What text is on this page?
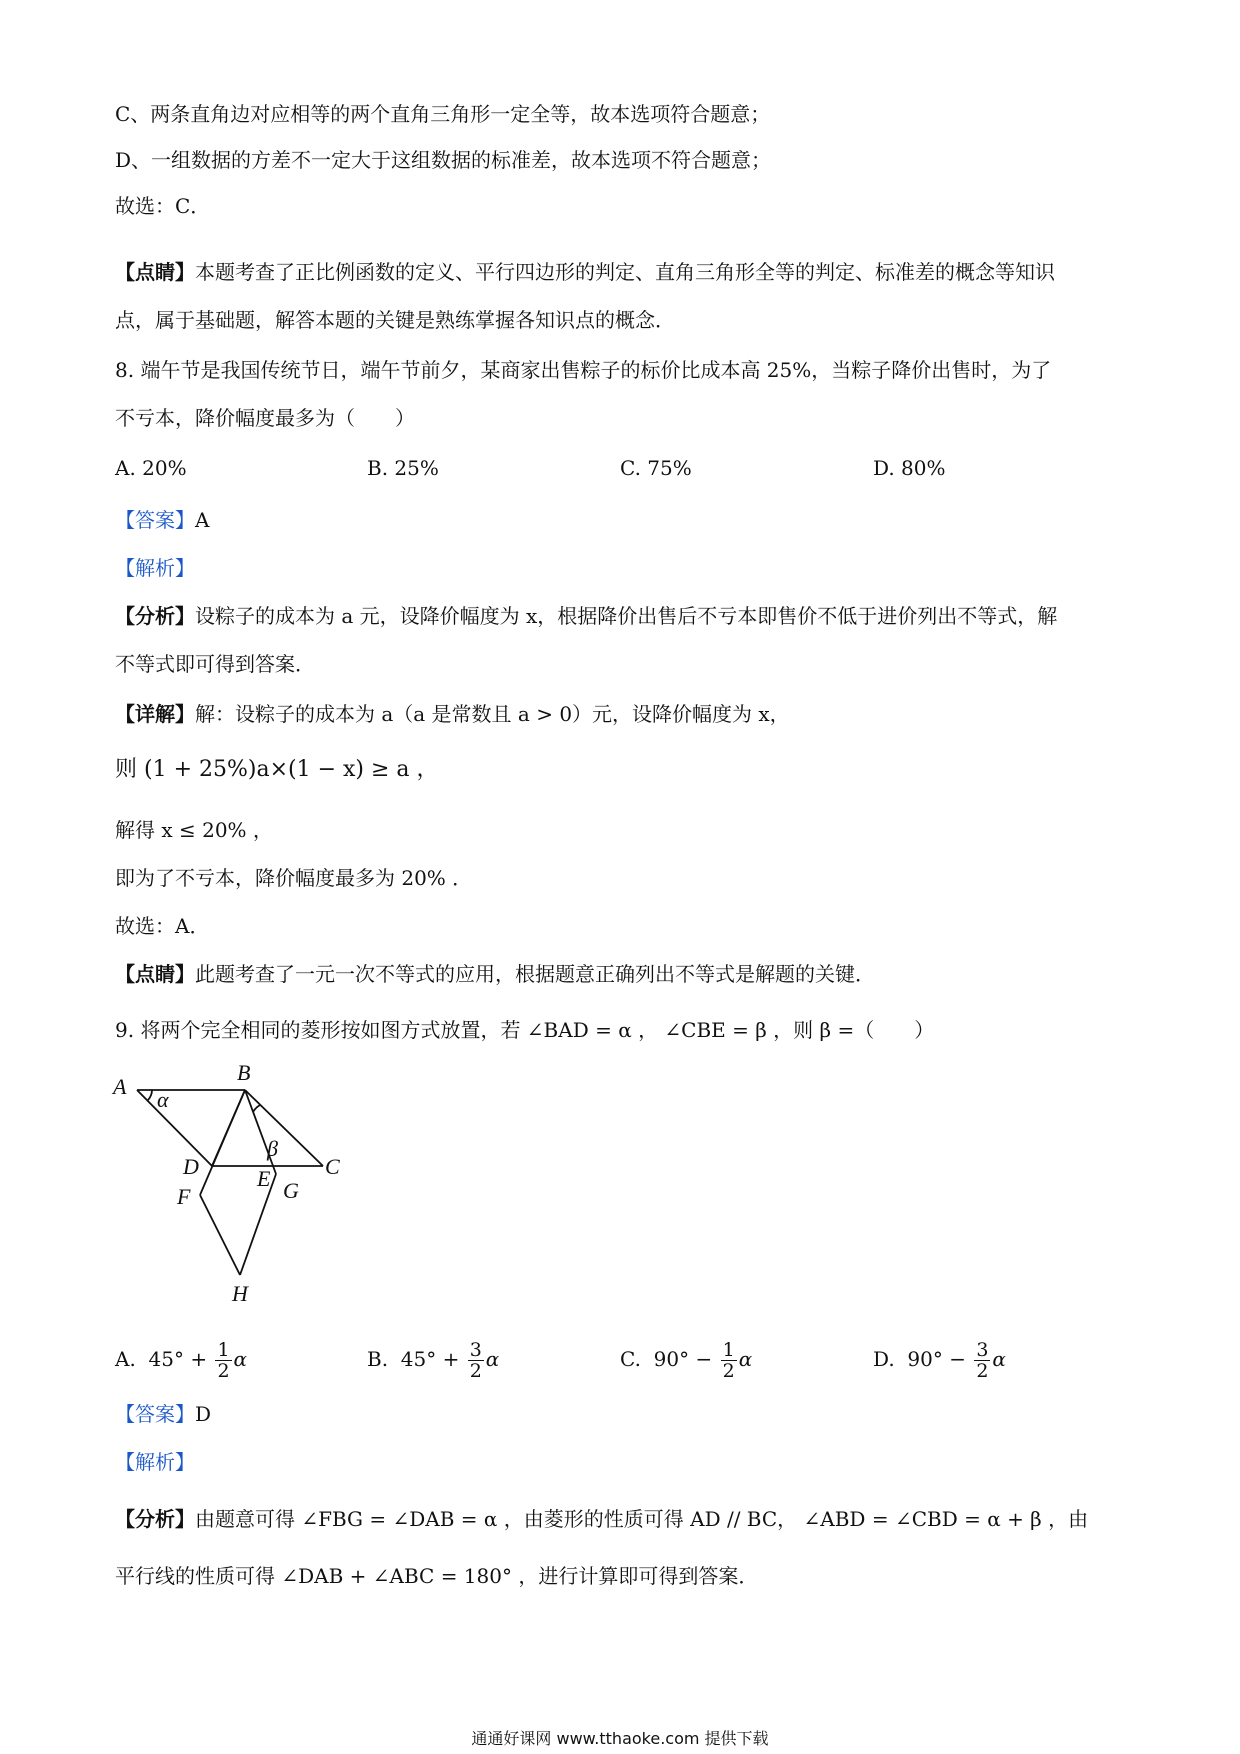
C、两条直角边对应相等的两个直角三角形一定全等，故本选项符合题意；
D、一组数据的方差不一定大于这组数据的标准差，故本选项不符合题意；
故选：C．
【点睛】本题考查了正比例函数的定义、平行四边形的判定、直角三角形全等的判定、标准差的概念等知识
点，属于基础题，解答本题的关键是熟练掌握各知识点的概念．
8. 端午节是我国传统节日，端午节前夕，某商家出售粽子的标价比成本高 25%，当粽子降价出售时，为了
不亏本，降价幅度最多为（　　）
A. 20%	B. 25%	C. 75%	D. 80%
【答案】A
【解析】
【分析】设粽子的成本为 a 元，设降价幅度为 x，根据降价出售后不亏本即售价不低于进价列出不等式，解
不等式即可得到答案．
【详解】解：设粽子的成本为 a（a 是常数且 a > 0）元，设降价幅度为 x，
则 (1 + 25%)a×(1 − x) ≥ a ，
解得 x ≤ 20% ，
即为了不亏本，降价幅度最多为 20% ．
故选：A．
【点睛】此题考查了一元一次不等式的应用，根据题意正确列出不等式是解题的关键．
9. 将两个完全相同的菱形按如图方式放置，若 ∠BAD = α ， ∠CBE = β ，则 β =（　　）
A
B
C
D	E
F	G
H
α
β
A. $45^\circ + \frac{1}{2}$ α	B. $45^\circ + \frac{3}{2}$ α	C. $90^\circ - \frac{1}{2}$ α	D. $90^\circ - \frac{3}{2}$ α
【答案】D
【解析】
【分析】由题意可得 ∠FBG = ∠DAB = α ，由菱形的性质可得 AD // BC， ∠ABD = ∠CBD = α + β ，由
平行线的性质可得 ∠DAB + ∠ABC = 180° ，进行计算即可得到答案．
通通好课网 www.tthaoke.com 提供下载
